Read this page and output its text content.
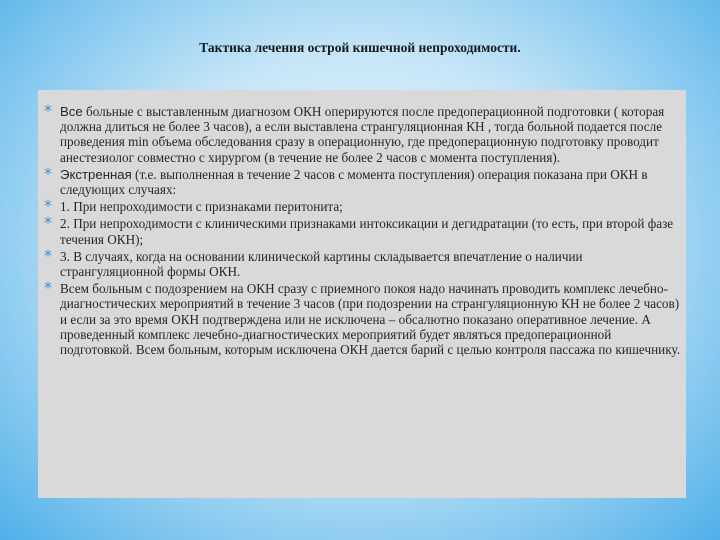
Тактика лечения острой кишечной непроходимости.
* Все больные с выставленным диагнозом ОКН оперируются после предоперационной подготовки ( которая должна длиться не более 3 часов), а если выставлена странгуляционная КН , тогда больной подается после проведения min объема обследования сразу в операционную, где предоперационную подготовку проводит анестезиолог совместно с хирургом (в течение не более 2 часов с момента поступления).
* Экстренная (т.е. выполненная в течение 2 часов с момента поступления) операция показана при ОКН в следующих случаях:
* 1. При непроходимости с признаками перитонита;
* 2. При непроходимости с клиническими признаками интоксикации и дегидратации (то есть, при второй фазе течения ОКН);
* 3. В случаях, когда на основании клинической картины складывается впечатление о наличии странгуляционной формы ОКН.
* Всем больным с подозрением на ОКН сразу с приемного покоя надо начинать проводить комплекс лечебно-диагностических мероприятий в течение 3 часов (при подозрении на странгуляционную КН не более 2 часов) и если за это время ОКН подтверждена или не исключена – обсалютно показано оперативное лечение. А проведенный комплекс лечебно-диагностических мероприятий будет являться предоперационной подготовкой. Всем больным, которым исключена ОКН дается барий с целью контроля пассажа по кишечнику.
